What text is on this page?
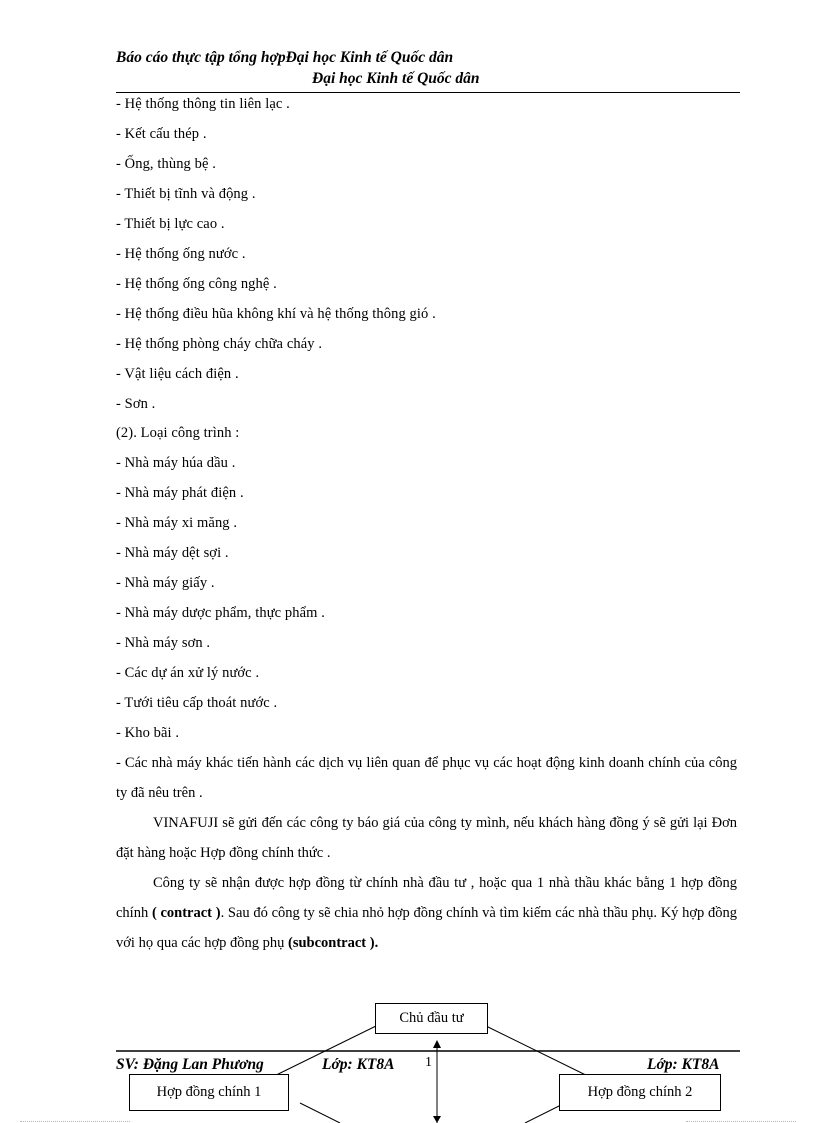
Báo cáo thực tập tổng hợpĐại học Kinh tế Quốc dân
Đại học Kinh tế Quốc dân
- Hệ thống thông tin liên lạc .
- Kết cấu thép .
- Ống, thùng bệ .
- Thiết bị tĩnh và động .
- Thiết bị lực cao .
- Hệ thống ống nước .
- Hệ thống ống công nghệ .
- Hệ thống điều hũa không khí và hệ thống thông gió .
- Hệ thống phòng cháy chữa cháy .
- Vật liệu cách điện .
- Sơn .
(2). Loại công trình :
- Nhà máy húa dầu .
- Nhà máy phát điện .
- Nhà máy xi măng .
- Nhà máy dệt sợi .
- Nhà máy giấy .
- Nhà máy dược phẩm, thực phẩm .
- Nhà máy sơn .
- Các dự án xử lý nước .
- Tưới tiêu cấp thoát nước .
- Kho bãi .
- Các nhà máy khác tiến hành các dịch vụ liên quan để phục vụ các hoạt động kinh doanh chính của công ty đã nêu trên .
VINAFUJI sẽ gửi đến các công ty báo giá của công ty mình, nếu khách hàng đồng ý sẽ gửi lại Đơn đặt hàng hoặc Hợp đồng chính thức .
Công ty sẽ nhận được hợp đồng từ chính nhà đầu tư , hoặc qua 1 nhà thầu khác bằng 1 hợp đồng chính ( contract ). Sau đó công ty sẽ chia nhỏ hợp đồng chính và tìm kiếm các nhà thầu phụ. Ký hợp đồng với họ qua các hợp đồng phụ (subcontract ).
Chủ đầu tư
SV: Đặng Lan Phương	Lớp: KT8A 1	Lớp: KT8A
Hợp đồng chính 1	Hợp đồng chính 2
